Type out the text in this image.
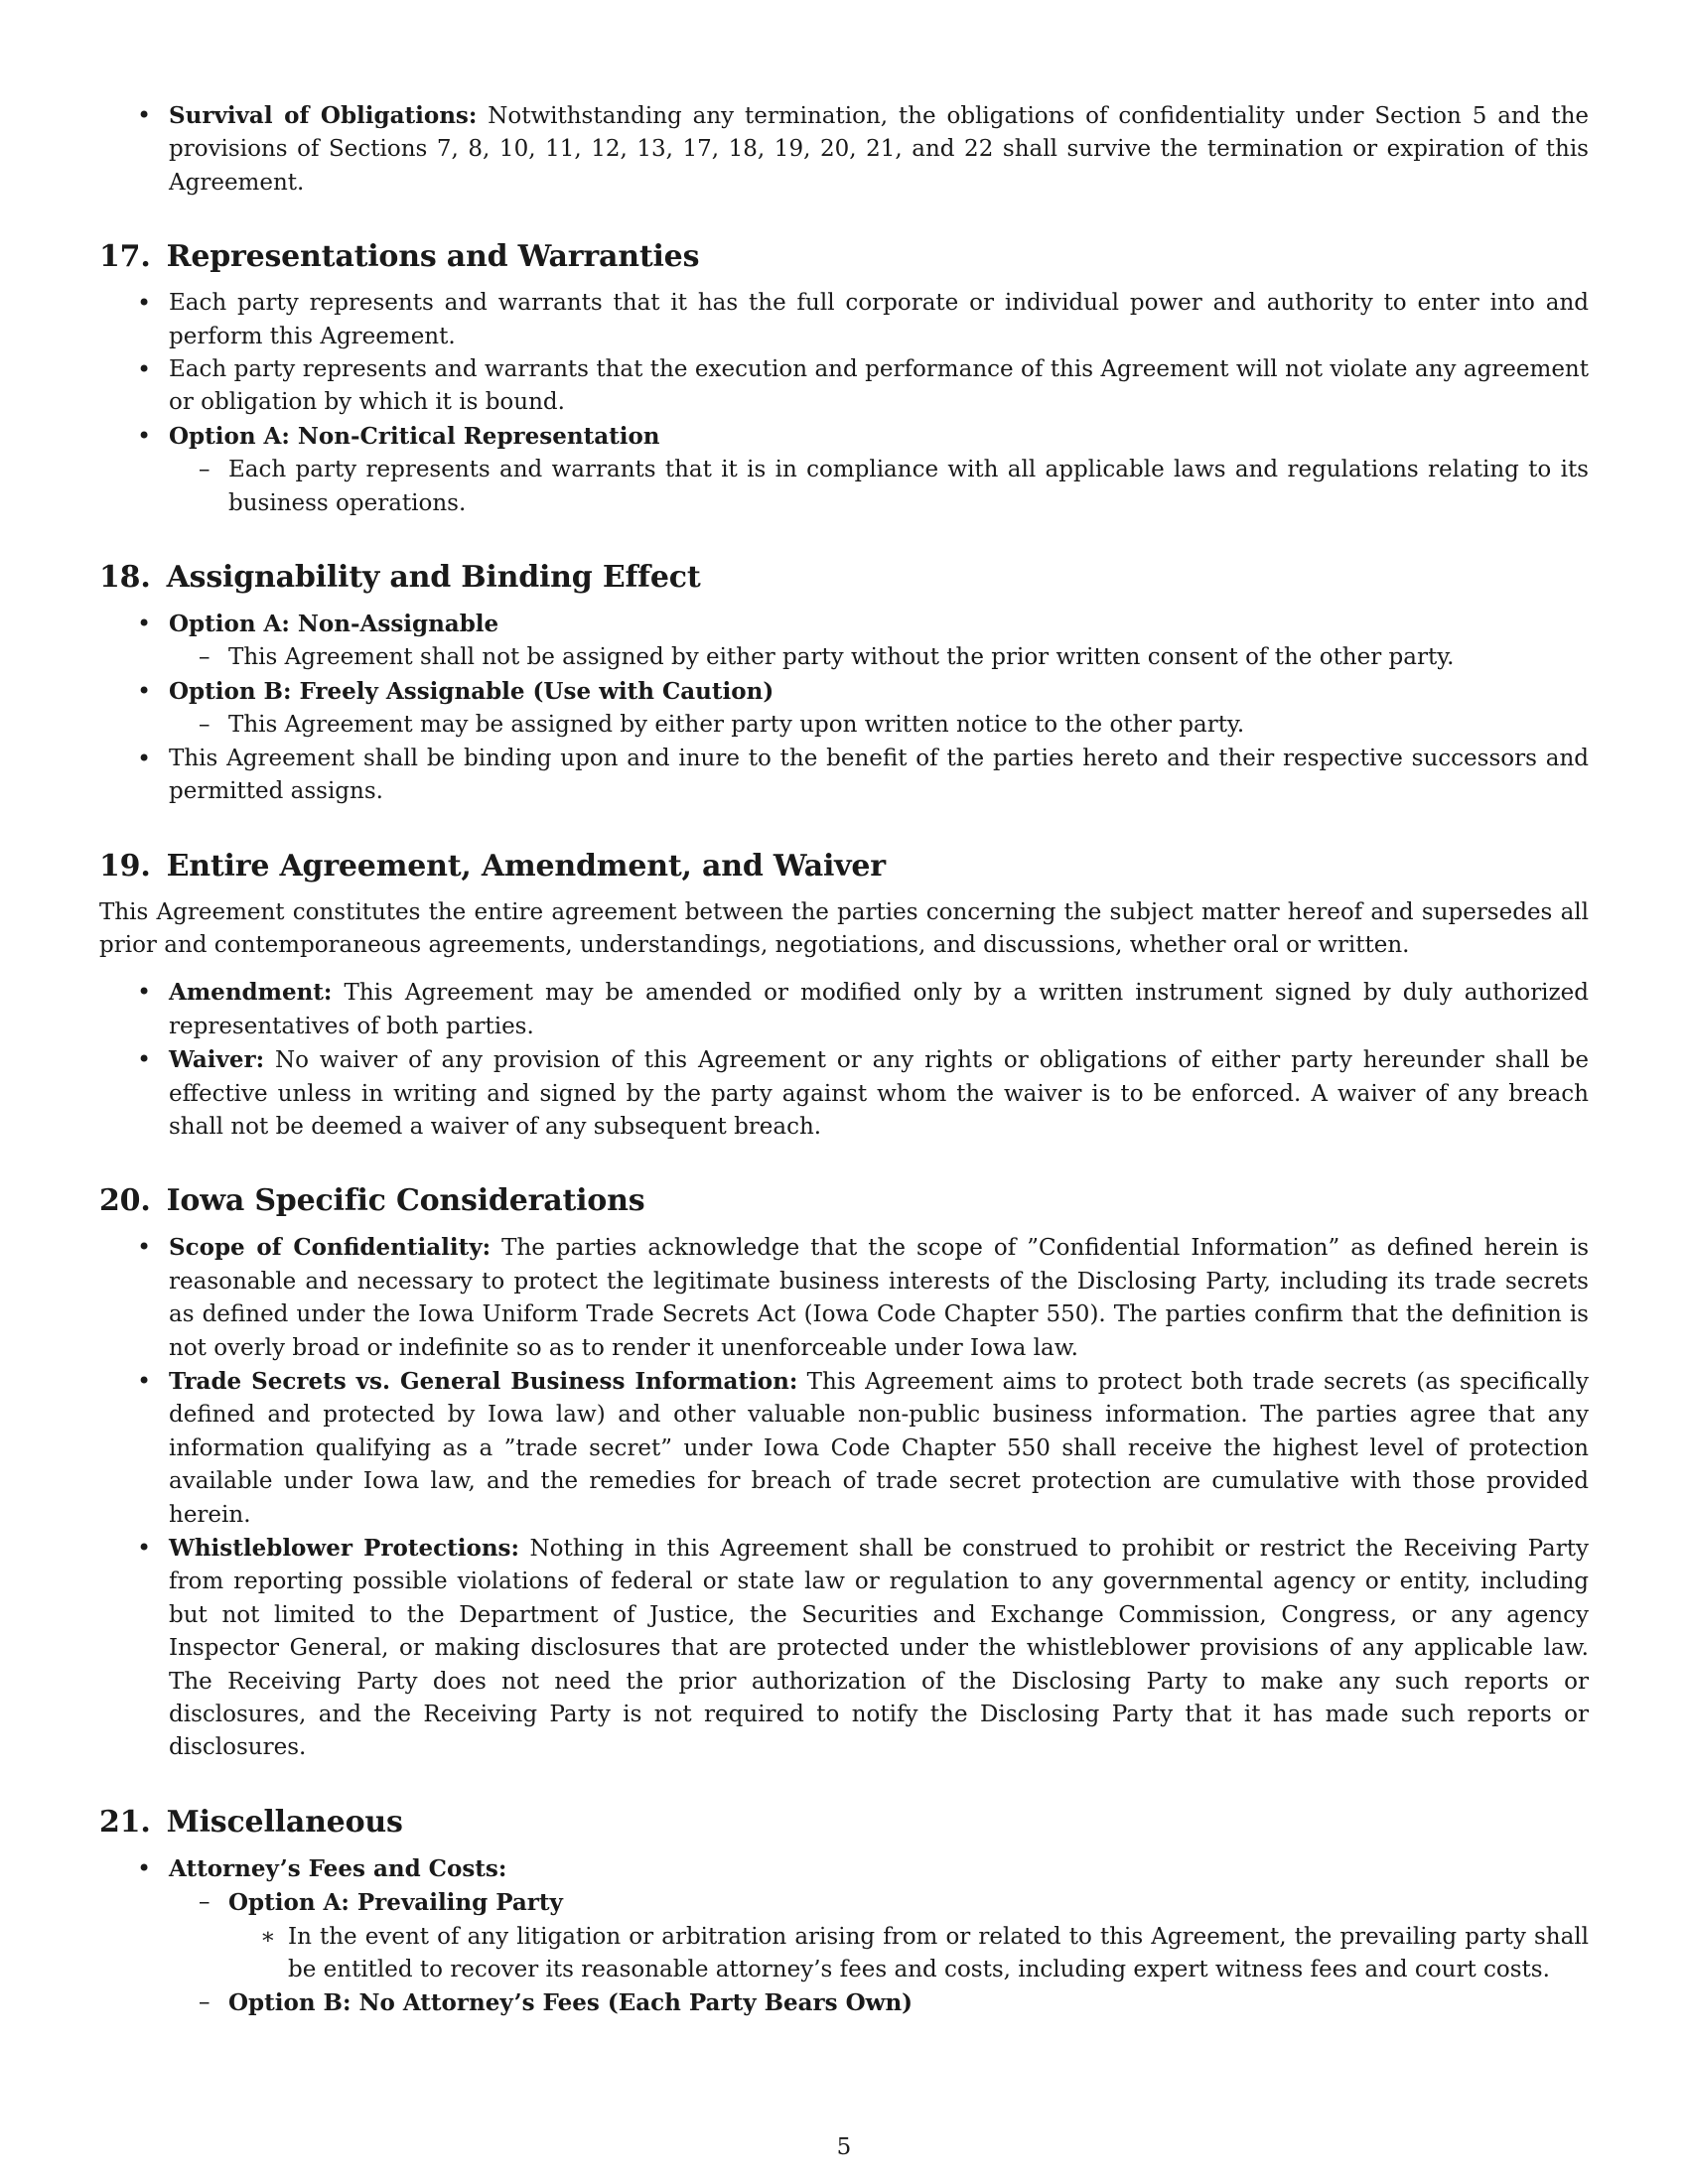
• Survival of Obligations: Notwithstanding any termination, the obligations of confidentiality under Section 5 and the provisions of Sections 7, 8, 10, 11, 12, 13, 17, 18, 19, 20, 21, and 22 shall survive the termination or expiration of this Agreement.
17. Representations and Warranties
• Each party represents and warrants that it has the full corporate or individual power and authority to enter into and perform this Agreement.
• Each party represents and warrants that the execution and performance of this Agreement will not violate any agreement or obligation by which it is bound.
• Option A: Non-Critical Representation
– Each party represents and warrants that it is in compliance with all applicable laws and regulations relating to its business operations.
18. Assignability and Binding Effect
• Option A: Non-Assignable
– This Agreement shall not be assigned by either party without the prior written consent of the other party.
• Option B: Freely Assignable (Use with Caution)
– This Agreement may be assigned by either party upon written notice to the other party.
• This Agreement shall be binding upon and inure to the benefit of the parties hereto and their respective successors and permitted assigns.
19. Entire Agreement, Amendment, and Waiver

This Agreement constitutes the entire agreement between the parties concerning the subject matter hereof and supersedes all prior and contemporaneous agreements, understandings, negotiations, and discussions, whether oral or written.

• Amendment: This Agreement may be amended or modified only by a written instrument signed by duly authorized representatives of both parties.
• Waiver: No waiver of any provision of this Agreement or any rights or obligations of either party hereunder shall be effective unless in writing and signed by the party against whom the waiver is to be enforced. A waiver of any breach shall not be deemed a waiver of any subsequent breach.
20. Iowa Specific Considerations
• Scope of Confidentiality: The parties acknowledge that the scope of ”Confidential Information” as defined herein is reasonable and necessary to protect the legitimate business interests of the Disclosing Party, including its trade secrets as defined under the Iowa Uniform Trade Secrets Act (Iowa Code Chapter 550). The parties confirm that the definition is not overly broad or indefinite so as to render it unenforceable under Iowa law.
• Trade Secrets vs. General Business Information: This Agreement aims to protect both trade secrets (as specifically defined and protected by Iowa law) and other valuable non-public business information. The parties agree that any information qualifying as a ”trade secret” under Iowa Code Chapter 550 shall receive the highest level of protection available under Iowa law, and the remedies for breach of trade secret protection are cumulative with those provided herein.
• Whistleblower Protections: Nothing in this Agreement shall be construed to prohibit or restrict the Receiving Party from reporting possible violations of federal or state law or regulation to any governmental agency or entity, including but not limited to the Department of Justice, the Securities and Exchange Commission, Congress, or any agency Inspector General, or making disclosures that are protected under the whistleblower provisions of any applicable law. The Receiving Party does not need the prior authorization of the Disclosing Party to make any such reports or disclosures, and the Receiving Party is not required to notify the Disclosing Party that it has made such reports or disclosures.
21. Miscellaneous
• Attorney’s Fees and Costs:
– Option A: Prevailing Party
∗ In the event of any litigation or arbitration arising from or related to this Agreement, the prevailing party shall be entitled to recover its reasonable attorney’s fees and costs, including expert witness fees and court costs.
– Option B: No Attorney’s Fees (Each Party Bears Own)
5
